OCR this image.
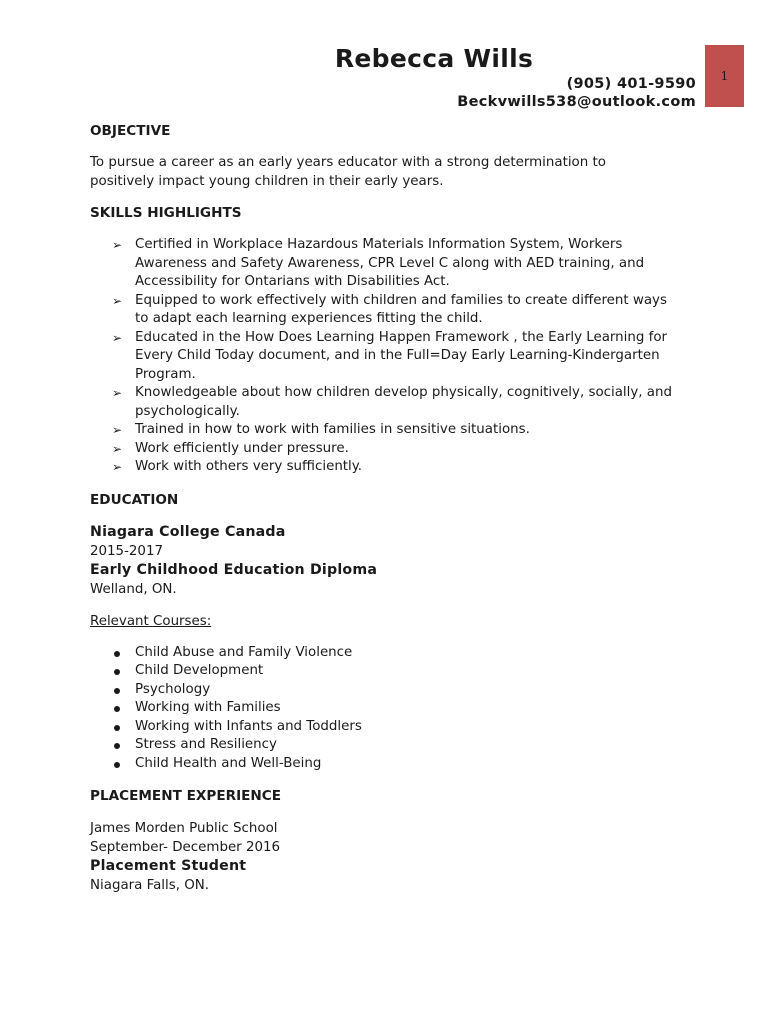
1
Rebecca Wills
(905) 401-9590
Beckvwills538@outlook.com

OBJECTIVE

To pursue a career as an early years educator with a strong determination to

positively impact young children in their early years.

SKILLS HIGHLIGHTS

➢ Certified in Workplace Hazardous Materials Information System, Workers Awareness and Safety Awareness, CPR Level C along with AED training, and Accessibility for Ontarians with Disabilities Act.
➢ Equipped to work effectively with children and families to create different ways to adapt each learning experiences fitting the child.
➢ Educated in the How Does Learning Happen Framework , the Early Learning for Every Child Today document, and in the Full=Day Early Learning-Kindergarten Program.
➢ Knowledgeable about how children develop physically, cognitively, socially, and psychologically.
➢ Trained in how to work with families in sensitive situations.
➢ Work efficiently under pressure.
➢ Work with others very sufficiently.

EDUCATION

Niagara College Canada
2015-2017
Early Childhood Education Diploma
Welland, ON.

Relevant Courses:

Child Abuse and Family Violence
Child Development
Psychology
Working with Families
Working with Infants and Toddlers
Stress and Resiliency
Child Health and Well-Being

PLACEMENT EXPERIENCE

James Morden Public School
September- December 2016
Placement Student
Niagara Falls, ON.
